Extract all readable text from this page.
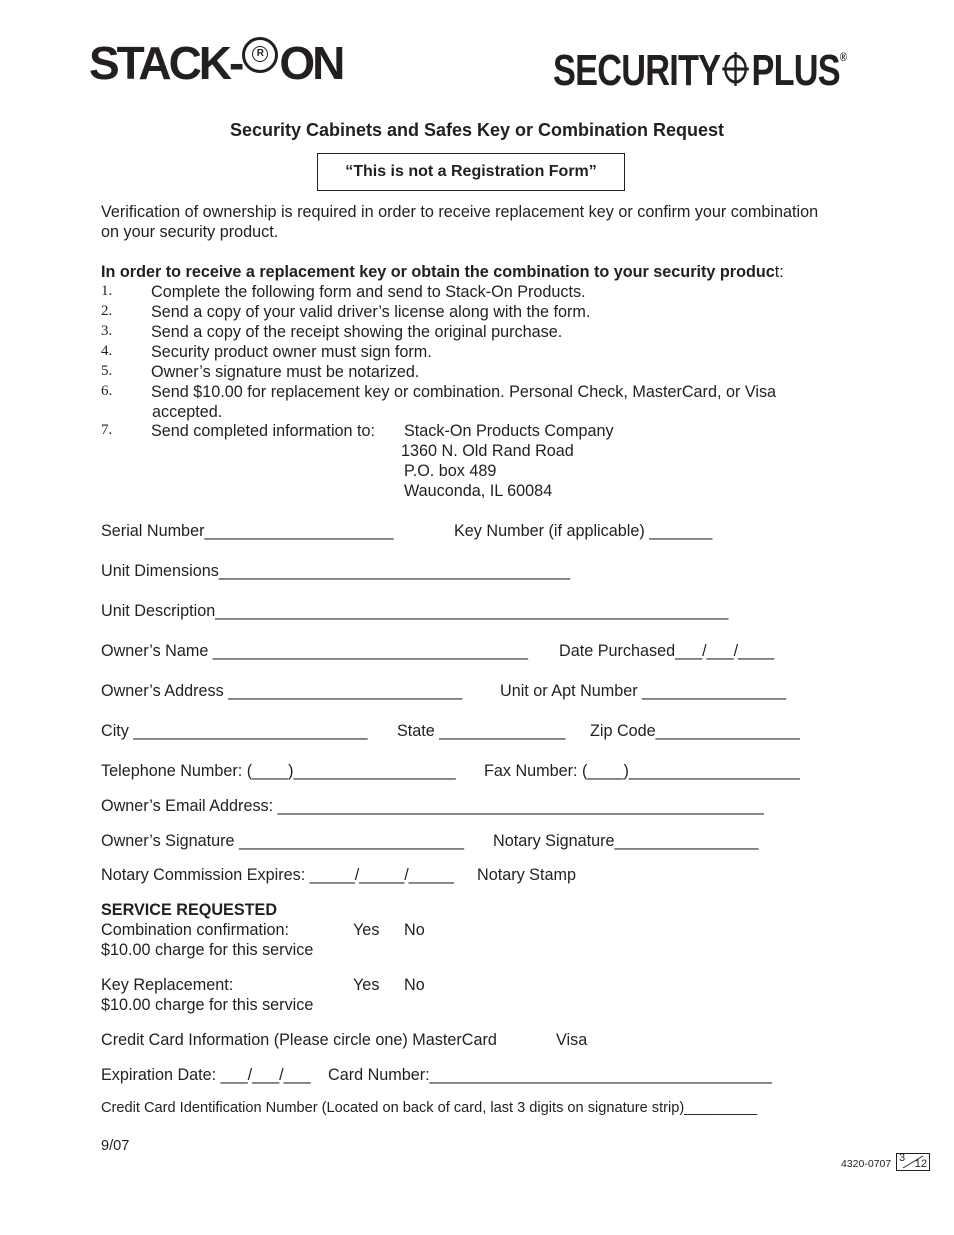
STACK-	R ON	SECURITY PLUS®
Security Cabinets and Safes Key or Combination Request
“This is not a Registration Form”
Verification of ownership is required in order to receive replacement key or confirm your combination
on your security product.
In order to receive a replacement key or obtain the combination to your security product:
1. Complete the following form and send to Stack-On Products.
2. Send a copy of your valid driver’s license along with the form.
3. Send a copy of the receipt showing the original purchase.
4. Security product owner must sign form.
5. Owner’s signature must be notarized.
6. Send $10.00 for replacement key or combination. Personal Check, MasterCard, or Visa
accepted.
7. Send completed information to: Stack-On Products Company
1360 N. Old Rand Road
P.O. box 489
Wauconda, IL 60084
Serial Number_____________________	Key Number (if applicable) _______
Unit Dimensions_______________________________________
Unit Description_________________________________________________________
Owner’s Name ___________________________________ Date Purchased___/___/____
Owner’s Address __________________________ Unit or Apt Number ________________
City __________________________ State ______________ Zip Code________________
Telephone Number: (____)__________________ Fax Number: (____)___________________
Owner’s Email Address: ______________________________________________________
Owner’s Signature _________________________ Notary Signature________________
Notary Commission Expires: _____/_____/_____ Notary Stamp
SERVICE REQUESTED
Combination confirmation:	Yes No
$10.00 charge for this service
Key Replacement:	Yes No
$10.00 charge for this service
Credit Card Information (Please circle one) MasterCard	Visa
Expiration Date: ___/___/___ Card Number:______________________________________
Credit Card Identification Number (Located on back of card, last 3 digits on signature strip)_________
9/07
4320-0707 3 12
